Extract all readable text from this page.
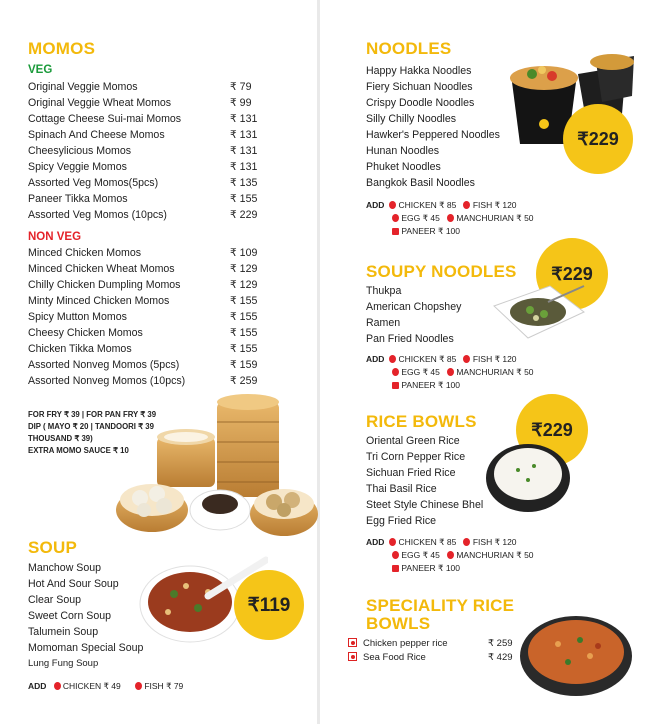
MOMOS
VEG
Original Veggie Momos	₹ 79
Original Veggie Wheat Momos	₹ 99
Cottage Cheese Sui-mai Momos	₹ 131
Spinach And Cheese Momos	₹ 131
Cheesylicious Momos	₹ 131
Spicy Veggie Momos	₹ 131
Assorted Veg Momos(5pcs)	₹ 135
Paneer Tikka Momos	₹ 155
Assorted Veg Momos (10pcs)	₹ 229
NON VEG
Minced Chicken Momos	₹ 109
Minced Chicken Wheat Momos	₹ 129
Chilly Chicken Dumpling Momos	₹ 129
Minty Minced Chicken Momos	₹ 155
Spicy Mutton Momos	₹ 155
Cheesy Chicken Momos	₹ 155
Chicken Tikka Momos	₹ 155
Assorted Nonveg Momos (5pcs)	₹ 159
Assorted Nonveg Momos (10pcs)	₹ 259
FOR FRY ₹ 39 | FOR PAN FRY ₹ 39
DIP ( MAYO ₹ 20 | TANDOORI ₹ 39
THOUSAND ₹ 39)
EXTRA MOMO SAUCE ₹ 10
SOUP
Manchow Soup
Hot And Sour Soup
Clear Soup
Sweet Corn Soup
Talumein Soup
Momoman Special Soup
Lung Fung Soup
₹119
ADD CHICKEN ₹ 49	FISH ₹ 79
NOODLES
Happy Hakka Noodles
Fiery Sichuan Noodles
Crispy Doodle Noodles
Silly Chilly Noodles
Hawker's Peppered Noodles
Hunan Noodles
Phuket Noodles
Bangkok Basil Noodles
₹229
ADD CHICKEN ₹ 85 FISH ₹ 120
EGG ₹ 45 MANCHURIAN ₹ 50
PANEER ₹ 100
SOUPY NOODLES ₹229
Thukpa
American Chopshey
Ramen
Pan Fried Noodles
ADD CHICKEN ₹ 85 FISH ₹ 120
EGG ₹ 45 MANCHURIAN ₹ 50
PANEER ₹ 100
RICE BOWLS	₹229
Oriental Green Rice
Tri Corn Pepper Rice
Sichuan Fried Rice
Thai Basil Rice
Steet Style Chinese Bhel
Egg Fried Rice
ADD CHICKEN ₹ 85 FISH ₹ 120
EGG ₹ 45 MANCHURIAN ₹ 50
PANEER ₹ 100
SPECIALITY RICE
BOWLS
Chicken pepper rice	₹ 259
Sea Food Rice	₹ 429
